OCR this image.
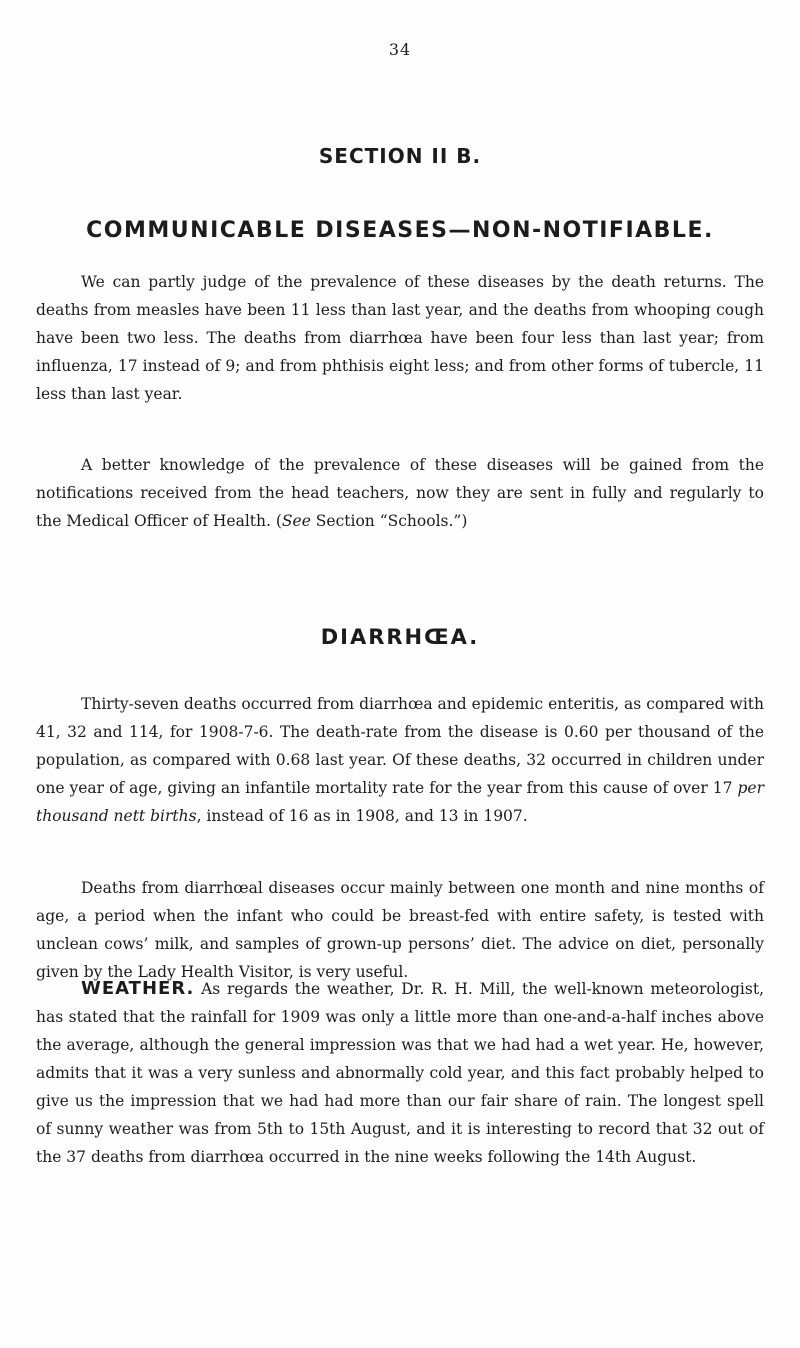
34
SECTION II B.
COMMUNICABLE DISEASES—NON-NOTIFIABLE.

We can partly judge of the prevalence of these diseases by the death returns. The deaths from measles have been 11 less than last year, and the deaths from whooping cough have been two less. The deaths from diarrhœa have been four less than last year; from influenza, 17 instead of 9; and from phthisis eight less; and from other forms of tubercle, 11 less than last year.

A better knowledge of the prevalence of these diseases will be gained from the notifications received from the head teachers, now they are sent in fully and regularly to the Medical Officer of Health. (See Section “Schools.”)

DIARRHŒA.

Thirty-seven deaths occurred from diarrhœa and epidemic enteritis, as compared with 41, 32 and 114, for 1908-7-6. The death-rate from the disease is 0.60 per thousand of the population, as compared with 0.68 last year. Of these deaths, 32 occurred in children under one year of age, giving an infantile mortality rate for the year from this cause of over 17 per thousand nett births, instead of 16 as in 1908, and 13 in 1907.

Deaths from diarrhœal diseases occur mainly between one month and nine months of age, a period when the infant who could be breast-fed with entire safety, is tested with unclean cows’ milk, and samples of grown-up persons’ diet. The advice on diet, personally given by the Lady Health Visitor, is very useful.

WEATHER. As regards the weather, Dr. R. H. Mill, the well-known meteorologist, has stated that the rainfall for 1909 was only a little more than one-and-a-half inches above the average, although the general impression was that we had had a wet year. He, however, admits that it was a very sunless and abnormally cold year, and this fact probably helped to give us the impression that we had had more than our fair share of rain. The longest spell of sunny weather was from 5th to 15th August, and it is interesting to record that 32 out of the 37 deaths from diarrhœa occurred in the nine weeks following the 14th August.
